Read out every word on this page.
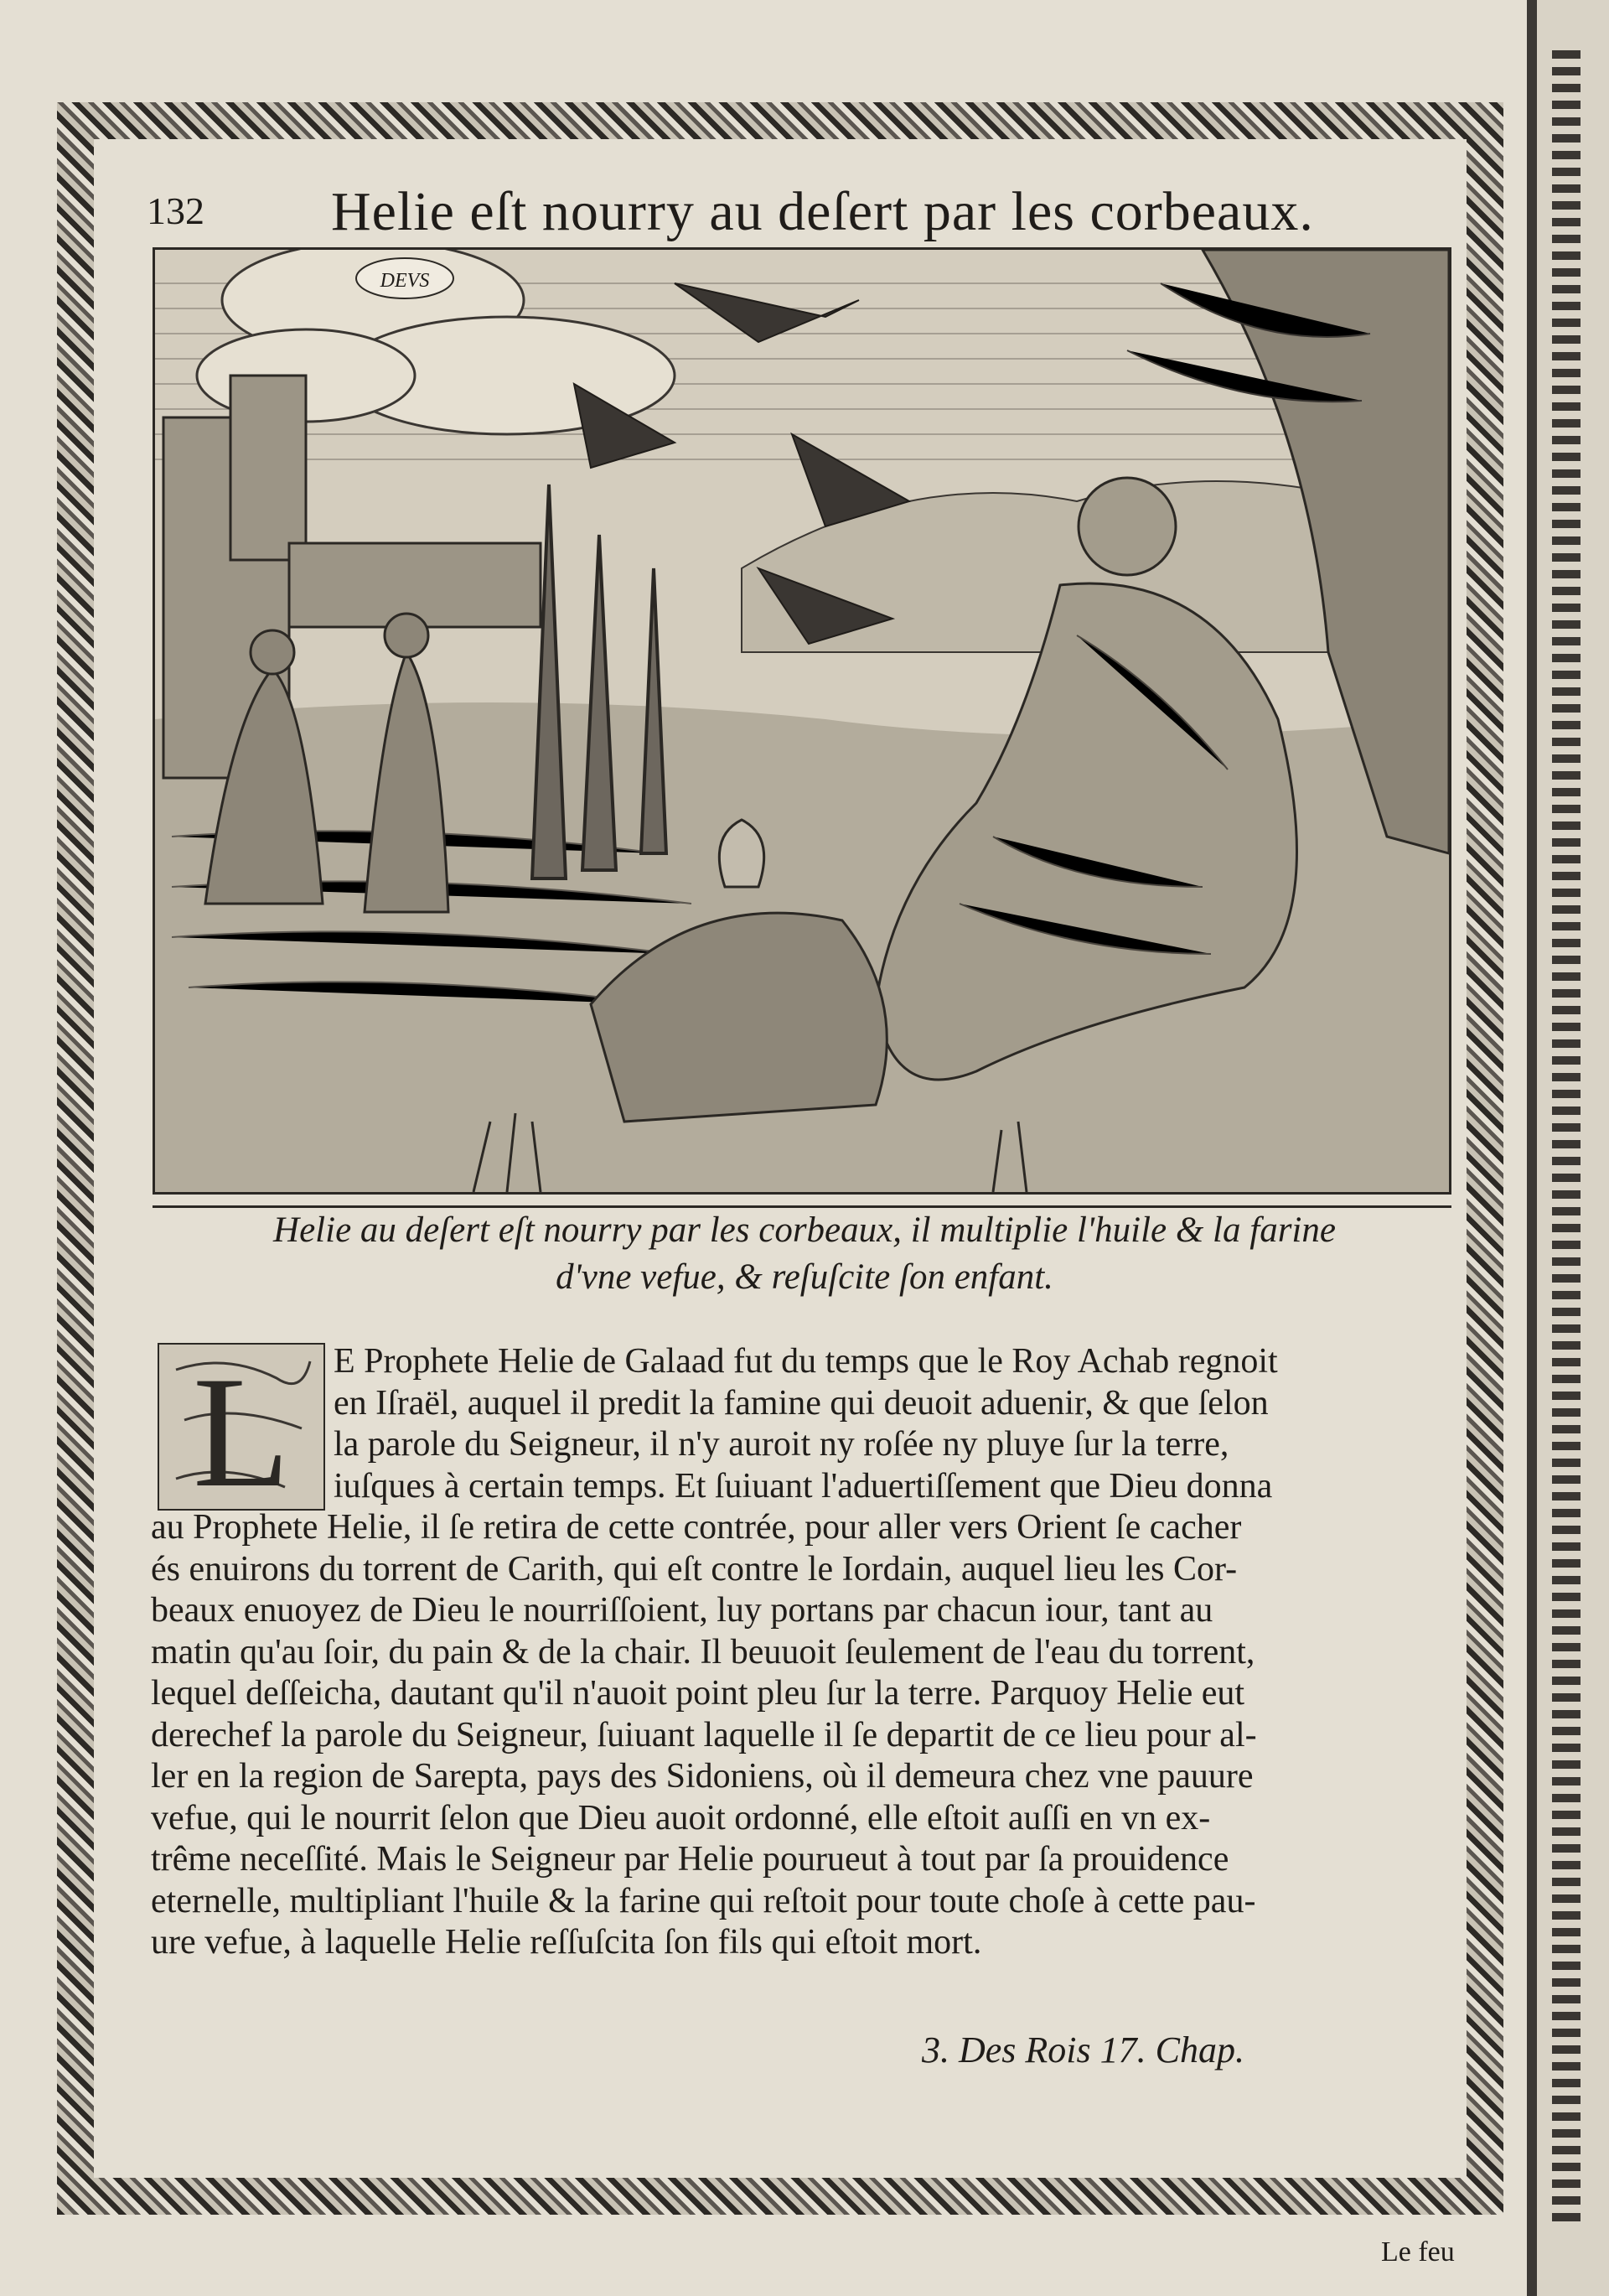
132 Helie eſt nourry au deſert par les corbeaux.
DEVS
Helie au deſert eſt nourry par les corbeaux, il multiplie l'huile & la farine
d'vne vefue, & reſuſcite ſon enfant.
L	E Prophete Helie de Galaad fut du temps que le Roy Achab regnoit
en Iſraël, auquel il predit la famine qui deuoit aduenir, & que ſelon
la parole du Seigneur, il n'y auroit ny roſée ny pluye ſur la terre,
iuſques à certain temps. Et ſuiuant l'aduertiſſement que Dieu donna
au Prophete Helie, il ſe retira de cette contrée, pour aller vers Orient ſe cacher
és enuirons du torrent de Carith, qui eſt contre le Iordain, auquel lieu les Cor-
beaux enuoyez de Dieu le nourriſſoient, luy portans par chacun iour, tant au
matin qu'au ſoir, du pain & de la chair. Il beuuoit ſeulement de l'eau du torrent,
lequel deſſeicha, dautant qu'il n'auoit point pleu ſur la terre. Parquoy Helie eut
derechef la parole du Seigneur, ſuiuant laquelle il ſe departit de ce lieu pour al-
ler en la region de Sarepta, pays des Sidoniens, où il demeura chez vne pauure
vefue, qui le nourrit ſelon que Dieu auoit ordonné, elle eſtoit auſſi en vn ex-
trême neceſſité. Mais le Seigneur par Helie pourueut à tout par ſa prouidence
eternelle, multipliant l'huile & la farine qui reſtoit pour toute choſe à cette pau-
ure vefue, à laquelle Helie reſſuſcita ſon fils qui eſtoit mort.
3. Des Rois 17. Chap.
Le feu
